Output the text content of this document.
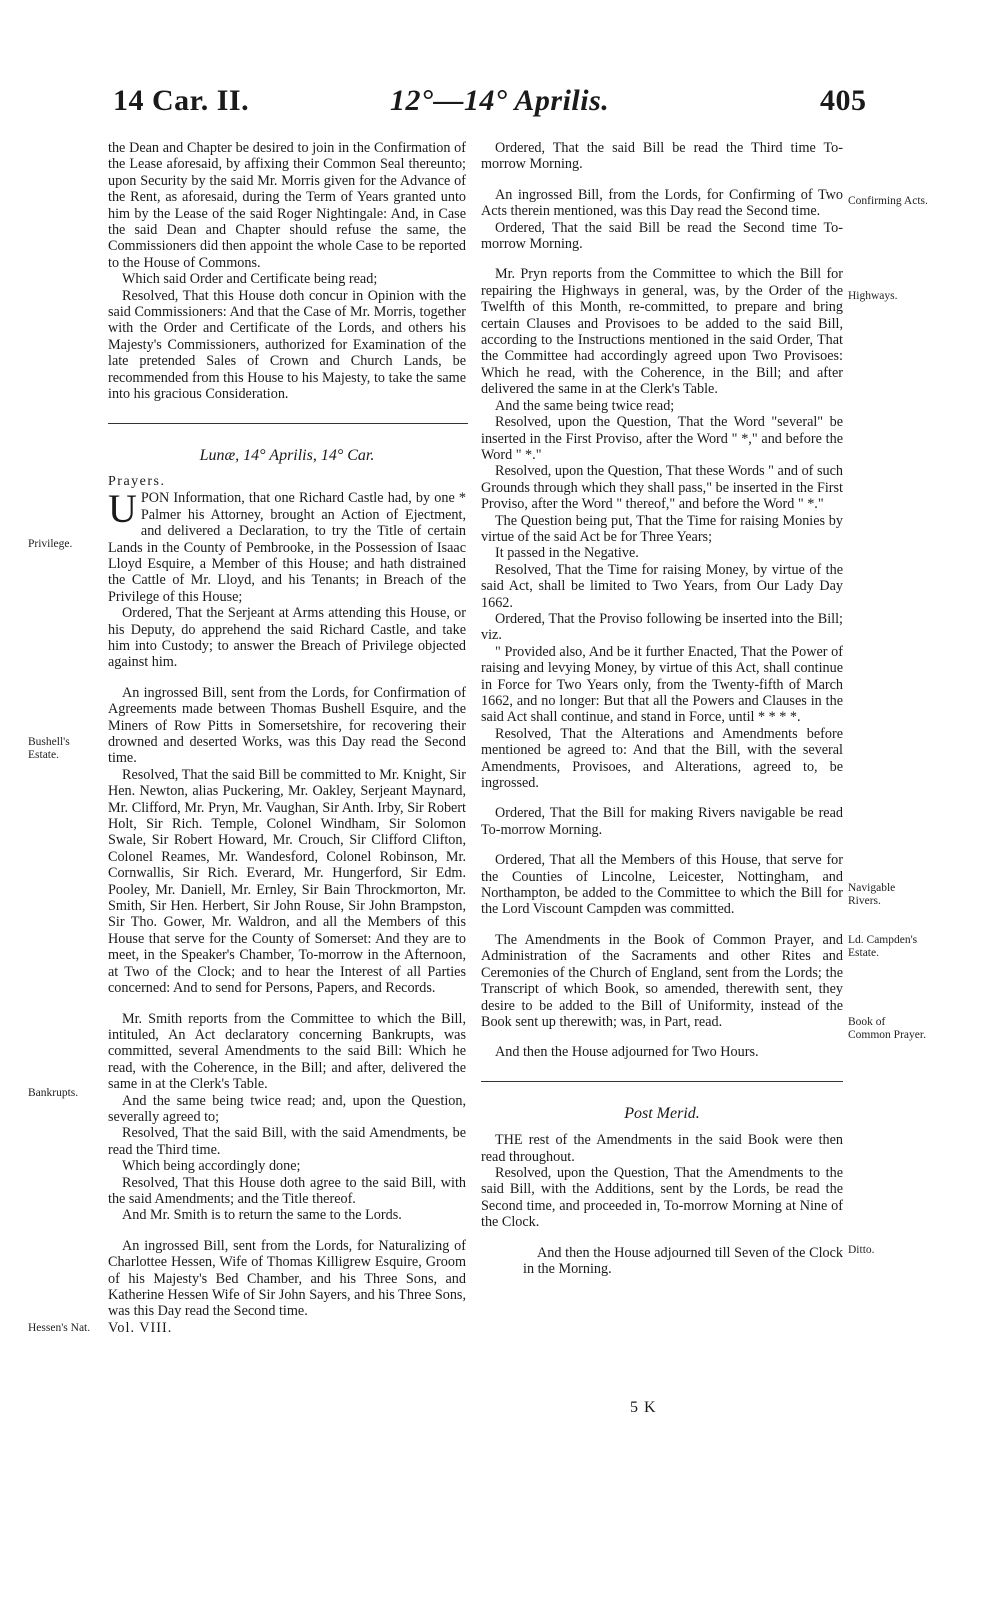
14 Car. II.	12°—14° Aprilis.	405

the Dean and Chapter be desired to join in the Confirmation of the Lease aforesaid, by affixing their Common Seal thereunto; upon Security by the said Mr. Morris given for the Advance of the Rent, as aforesaid, during the Term of Years granted unto him by the Lease of the said Roger Nightingale: And, in Case the said Dean and Chapter should refuse the same, the Commissioners did then appoint the whole Case to be reported to the House of Commons.

Which said Order and Certificate being read;

Resolved, That this House doth concur in Opinion with the said Commissioners: And that the Case of Mr. Morris, together with the Order and Certificate of the Lords, and others his Majesty's Commissioners, authorized for Examination of the late pretended Sales of Crown and Church Lands, be recommended from this House to his Majesty, to take the same into his gracious Consideration.

Lunæ, 14° Aprilis, 14° Car.

Prayers.

UPON Information, that one Richard Castle had, by one * Palmer his Attorney, brought an Action of Ejectment, and delivered a Declaration, to try the Title of certain Lands in the County of Pembrooke, in the Possession of Isaac Lloyd Esquire, a Member of this House; and hath distrained the Cattle of Mr. Lloyd, and his Tenants; in Breach of the Privilege of this House;

Ordered, That the Serjeant at Arms attending this House, or his Deputy, do apprehend the said Richard Castle, and take him into Custody; to answer the Breach of Privilege objected against him.

An ingrossed Bill, sent from the Lords, for Confirmation of Agreements made between Thomas Bushell Esquire, and the Miners of Row Pitts in Somersetshire, for recovering their drowned and deserted Works, was this Day read the Second time.

Resolved, That the said Bill be committed to Mr. Knight, Sir Hen. Newton, alias Puckering, Mr. Oakley, Serjeant Maynard, Mr. Clifford, Mr. Pryn, Mr. Vaughan, Sir Anth. Irby, Sir Robert Holt, Sir Rich. Temple, Colonel Windham, Sir Solomon Swale, Sir Robert Howard, Mr. Crouch, Sir Clifford Clifton, Colonel Reames, Mr. Wandesford, Colonel Robinson, Mr. Cornwallis, Sir Rich. Everard, Mr. Hungerford, Sir Edm. Pooley, Mr. Daniell, Mr. Ernley, Sir Bain Throckmorton, Mr. Smith, Sir Hen. Herbert, Sir John Rouse, Sir John Brampston, Sir Tho. Gower, Mr. Waldron, and all the Members of this House that serve for the County of Somerset: And they are to meet, in the Speaker's Chamber, To-morrow in the Afternoon, at Two of the Clock; and to hear the Interest of all Parties concerned: And to send for Persons, Papers, and Records.

Mr. Smith reports from the Committee to which the Bill, intituled, An Act declaratory concerning Bankrupts, was committed, several Amendments to the said Bill: Which he read, with the Coherence, in the Bill; and after, delivered the same in at the Clerk's Table.

And the same being twice read; and, upon the Question, severally agreed to;

Resolved, That the said Bill, with the said Amendments, be read the Third time.

Which being accordingly done;

Resolved, That this House doth agree to the said Bill, with the said Amendments; and the Title thereof.

And Mr. Smith is to return the same to the Lords.

An ingrossed Bill, sent from the Lords, for Naturalizing of Charlottee Hessen, Wife of Thomas Killigrew Esquire, Groom of his Majesty's Bed Chamber, and his Three Sons, and Katherine Hessen Wife of Sir John Sayers, and his Three Sons, was this Day read the Second time.

Vol. VIII.

Ordered, That the said Bill be read the Third time To-morrow Morning.

An ingrossed Bill, from the Lords, for Confirming of Two Acts therein mentioned, was this Day read the Second time.

Ordered, That the said Bill be read the Second time To-morrow Morning.

Mr. Pryn reports from the Committee to which the Bill for repairing the Highways in general, was, by the Order of the Twelfth of this Month, re-committed, to prepare and bring certain Clauses and Provisoes to be added to the said Bill, according to the Instructions mentioned in the said Order, That the Committee had accordingly agreed upon Two Provisoes: Which he read, with the Coherence, in the Bill; and after delivered the same in at the Clerk's Table.

And the same being twice read;

Resolved, upon the Question, That the Word "several" be inserted in the First Proviso, after the Word " *," and before the Word " *."

Resolved, upon the Question, That these Words " and of such Grounds through which they shall pass," be inserted in the First Proviso, after the Word " thereof," and before the Word " *."

The Question being put, That the Time for raising Monies by virtue of the said Act be for Three Years;

It passed in the Negative.

Resolved, That the Time for raising Money, by virtue of the said Act, shall be limited to Two Years, from Our Lady Day 1662.

Ordered, That the Proviso following be inserted into the Bill; viz.

" Provided also, And be it further Enacted, That the Power of raising and levying Money, by virtue of this Act, shall continue in Force for Two Years only, from the Twenty-fifth of March 1662, and no longer: But that all the Powers and Clauses in the said Act shall continue, and stand in Force, until * * * *.

Resolved, That the Alterations and Amendments before mentioned be agreed to: And that the Bill, with the several Amendments, Provisoes, and Alterations, agreed to, be ingrossed.

Ordered, That the Bill for making Rivers navigable be read To-morrow Morning.

Ordered, That all the Members of this House, that serve for the Counties of Lincolne, Leicester, Nottingham, and Northampton, be added to the Committee to which the Bill for the Lord Viscount Campden was committed.

The Amendments in the Book of Common Prayer, and Administration of the Sacraments and other Rites and Ceremonies of the Church of England, sent from the Lords; the Transcript of which Book, so amended, therewith sent, they desire to be added to the Bill of Uniformity, instead of the Book sent up therewith; was, in Part, read.

And then the House adjourned for Two Hours.

Post Merid.

THE rest of the Amendments in the said Book were then read throughout.

Resolved, upon the Question, That the Amendments to the said Bill, with the Additions, sent by the Lords, be read the Second time, and proceeded in, To-morrow Morning at Nine of the Clock.

And then the House adjourned till Seven of the Clock in the Morning.

5 K
Privilege.
Bushell's Estate.
Bankrupts.
Hessen's Nat.
Confirming Acts.
Highways.
Navigable Rivers.
Ld. Campden's Estate.
Book of Common Prayer.
Ditto.
